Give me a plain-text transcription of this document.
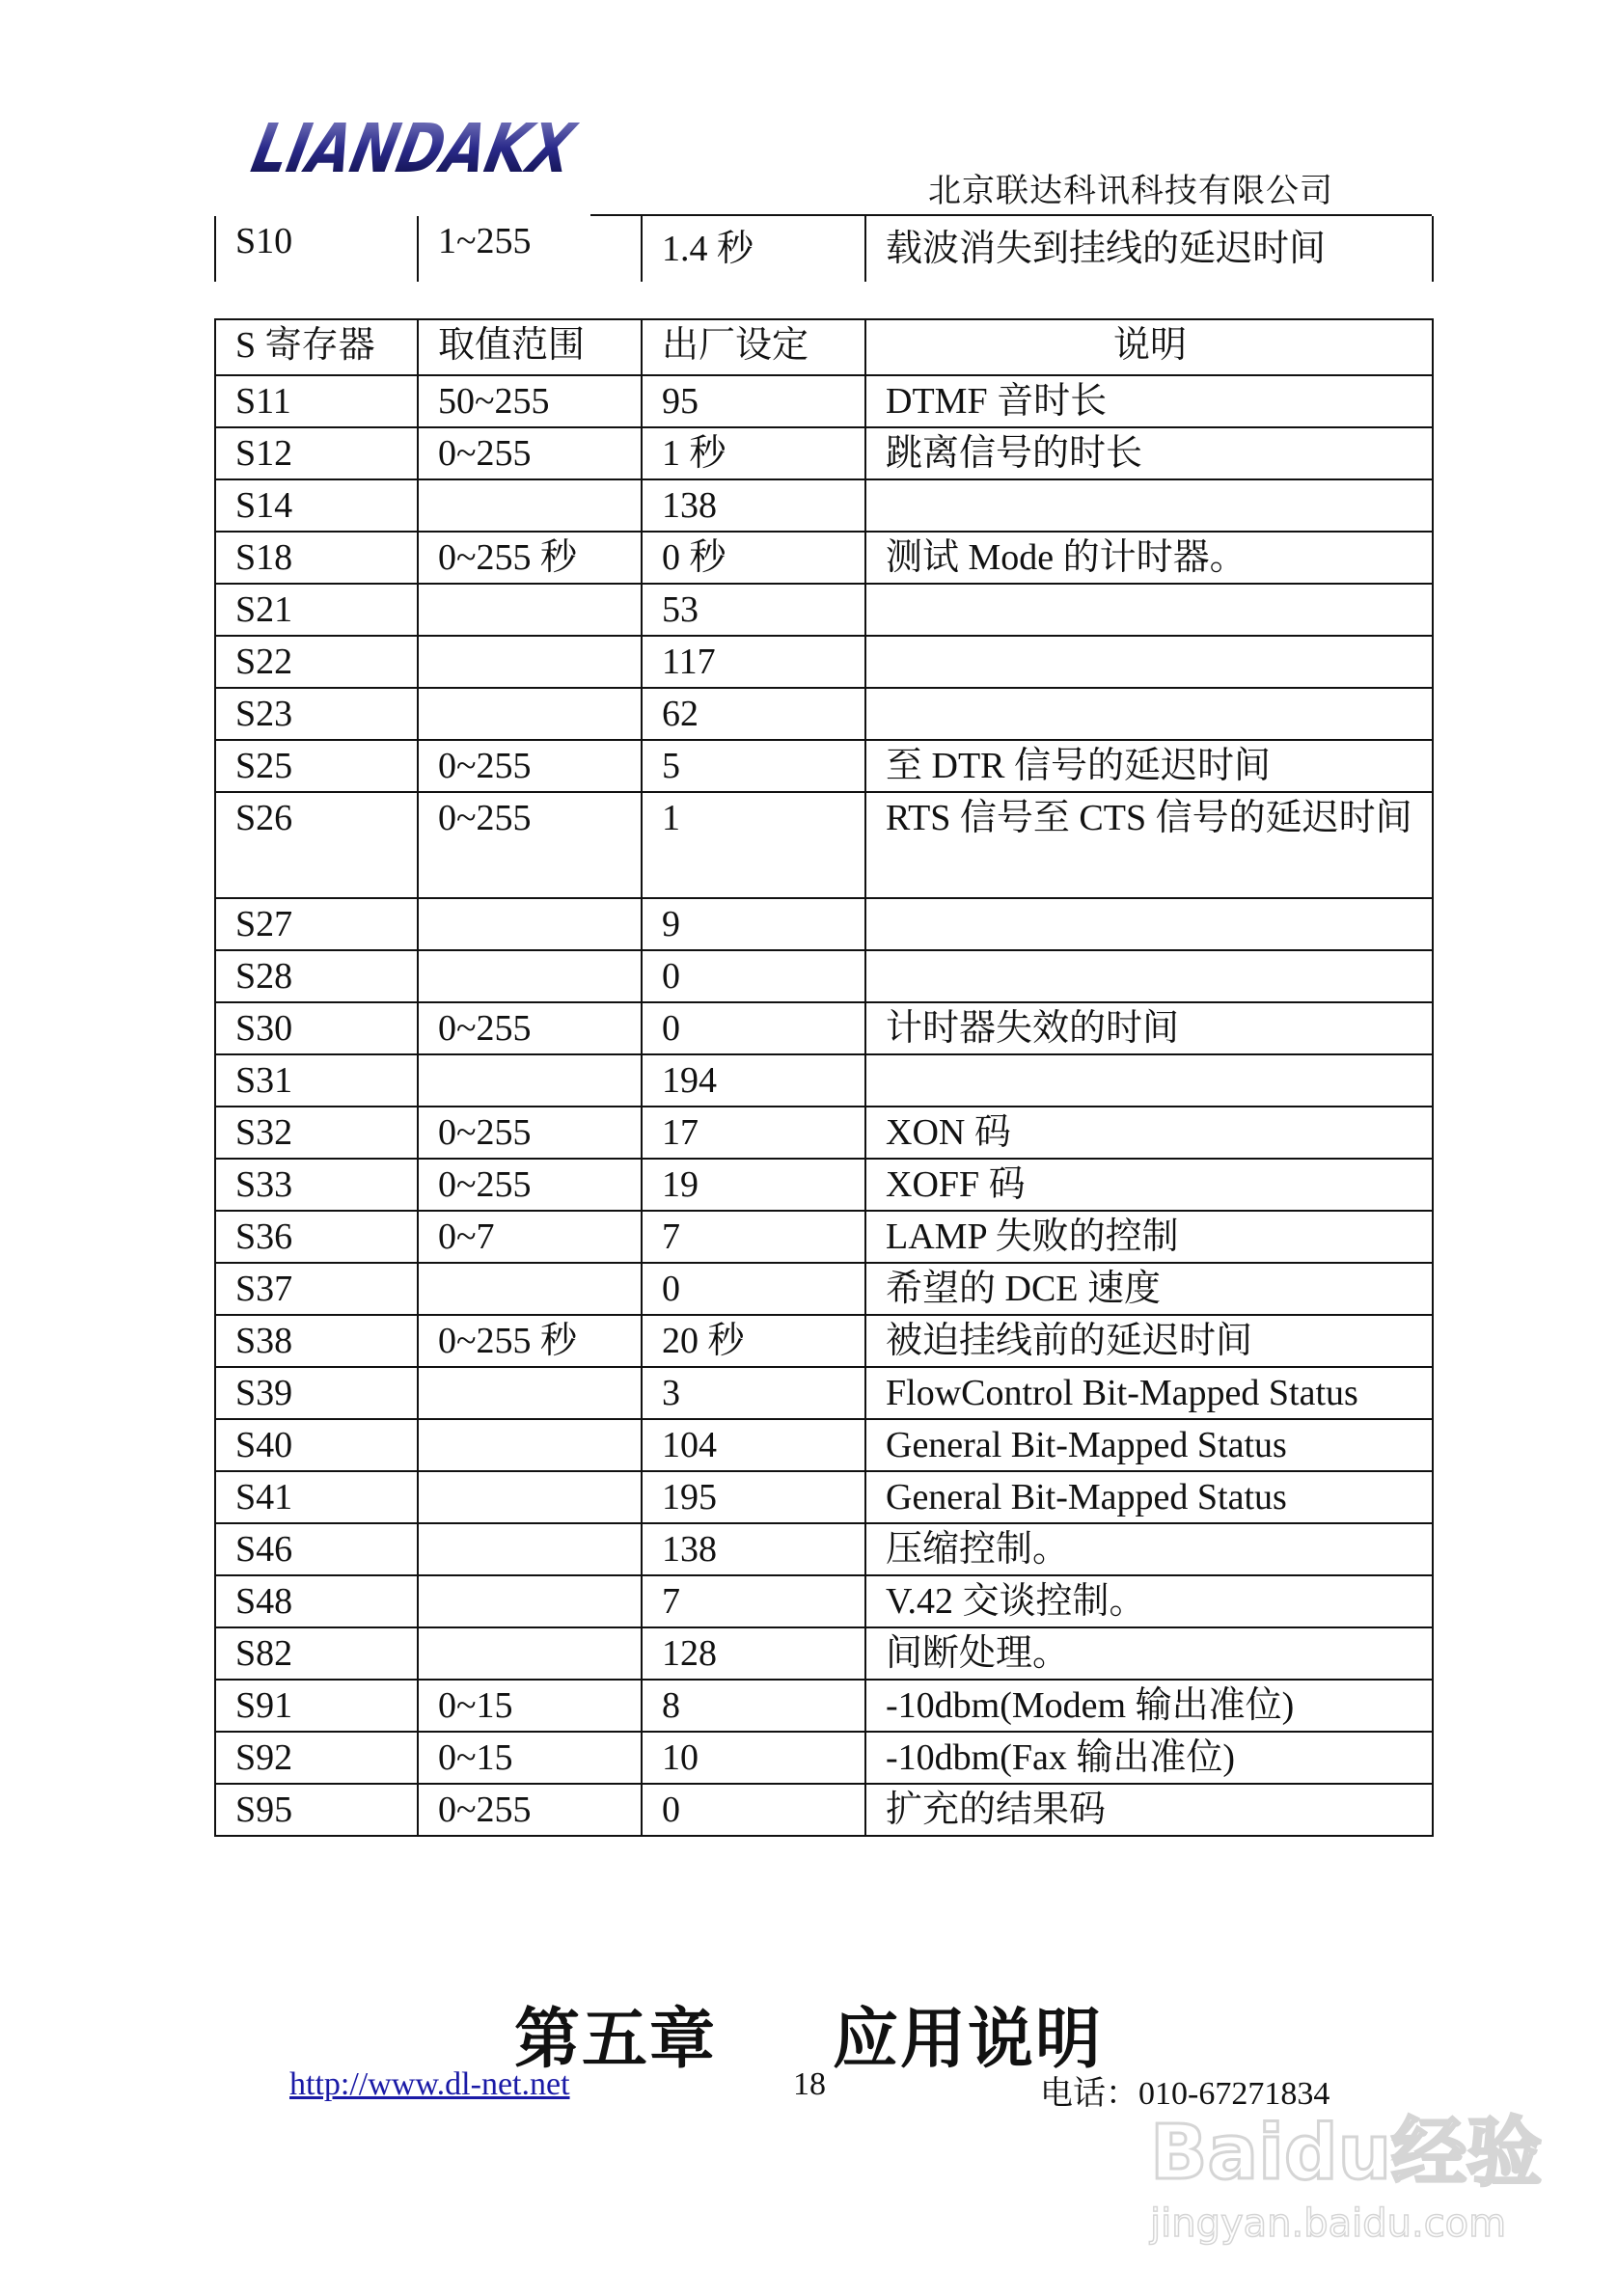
LIANDAKX
北京联达科讯科技有限公司
S10	1~255	1.4 秒	载波消失到挂线的延迟时间
S 寄存器	取值范围	出厂设定	说明
S11	50~255	95	DTMF 音时长
S12	0~255	1 秒	跳离信号的时长
S14		138	
S18	0~255 秒	0 秒	测试 Mode 的计时器。
S21		53	
S22		117	
S23		62	
S25	0~255	5	至 DTR 信号的延迟时间
S26	0~255	1	RTS 信号至 CTS 信号的延迟时间
S27		9	
S28		0	
S30	0~255	0	计时器失效的时间
S31		194	
S32	0~255	17	XON 码
S33	0~255	19	XOFF 码
S36	0~7	7	LAMP 失败的控制
S37		0	希望的 DCE 速度
S38	0~255 秒	20 秒	被迫挂线前的延迟时间
S39		3	FlowControl Bit-Mapped Status
S40		104	General Bit-Mapped Status
S41		195	General Bit-Mapped Status
S46		138	压缩控制。
S48		7	V.42 交谈控制。
S82		128	间断处理。
S91	0~15	8	-10dbm(Modem 输出准位)
S92	0~15	10	-10dbm(Fax 输出准位)
S95	0~255	0	扩充的结果码
第五章 应用说明
http://www.dl-net.net	18	电话：010-67271834
Baidu经验
jingyan.baidu.com
